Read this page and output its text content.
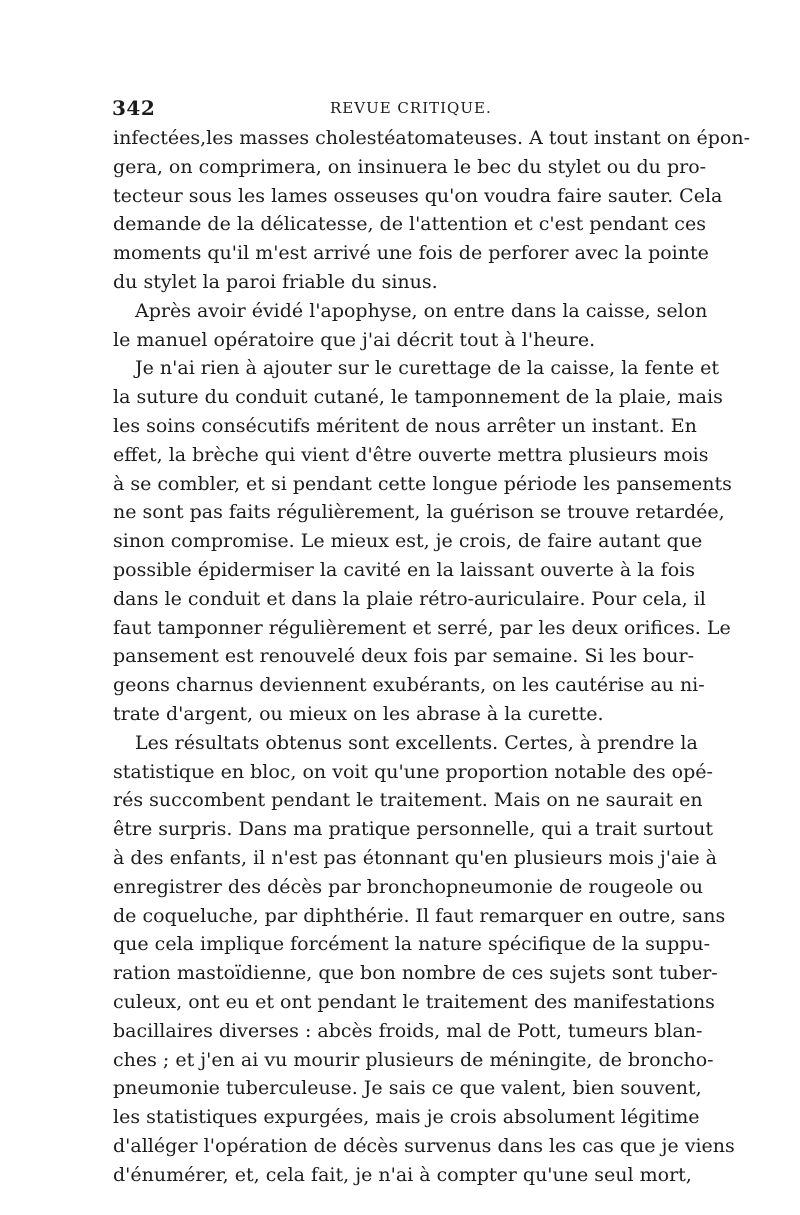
342	REVUE CRITIQUE.
infectées,les masses cholestéatomateuses. A tout instant on épon-
gera, on comprimera, on insinuera le bec du stylet ou du pro-
tecteur sous les lames osseuses qu'on voudra faire sauter. Cela
demande de la délicatesse, de l'attention et c'est pendant ces
moments qu'il m'est arrivé une fois de perforer avec la pointe
du stylet la paroi friable du sinus.
Après avoir évidé l'apophyse, on entre dans la caisse, selon
le manuel opératoire que j'ai décrit tout à l'heure.
Je n'ai rien à ajouter sur le curettage de la caisse, la fente et
la suture du conduit cutané, le tamponnement de la plaie, mais
les soins consécutifs méritent de nous arrêter un instant. En
effet, la brèche qui vient d'être ouverte mettra plusieurs mois
à se combler, et si pendant cette longue période les pansements
ne sont pas faits régulièrement, la guérison se trouve retardée,
sinon compromise. Le mieux est, je crois, de faire autant que
possible épidermiser la cavité en la laissant ouverte à la fois
dans le conduit et dans la plaie rétro-auriculaire. Pour cela, il
faut tamponner régulièrement et serré, par les deux orifices. Le
pansement est renouvelé deux fois par semaine. Si les bour-
geons charnus deviennent exubérants, on les cautérise au ni-
trate d'argent, ou mieux on les abrase à la curette.
Les résultats obtenus sont excellents. Certes, à prendre la
statistique en bloc, on voit qu'une proportion notable des opé-
rés succombent pendant le traitement. Mais on ne saurait en
être surpris. Dans ma pratique personnelle, qui a trait surtout
à des enfants, il n'est pas étonnant qu'en plusieurs mois j'aie à
enregistrer des décès par bronchopneumonie de rougeole ou
de coqueluche, par diphthérie. Il faut remarquer en outre, sans
que cela implique forcément la nature spécifique de la suppu-
ration mastoïdienne, que bon nombre de ces sujets sont tuber-
culeux, ont eu et ont pendant le traitement des manifestations
bacillaires diverses : abcès froids, mal de Pott, tumeurs blan-
ches ; et j'en ai vu mourir plusieurs de méningite, de broncho-
pneumonie tuberculeuse. Je sais ce que valent, bien souvent,
les statistiques expurgées, mais je crois absolument légitime
d'alléger l'opération de décès survenus dans les cas que je viens
d'énumérer, et, cela fait, je n'ai à compter qu'une seul mort,
